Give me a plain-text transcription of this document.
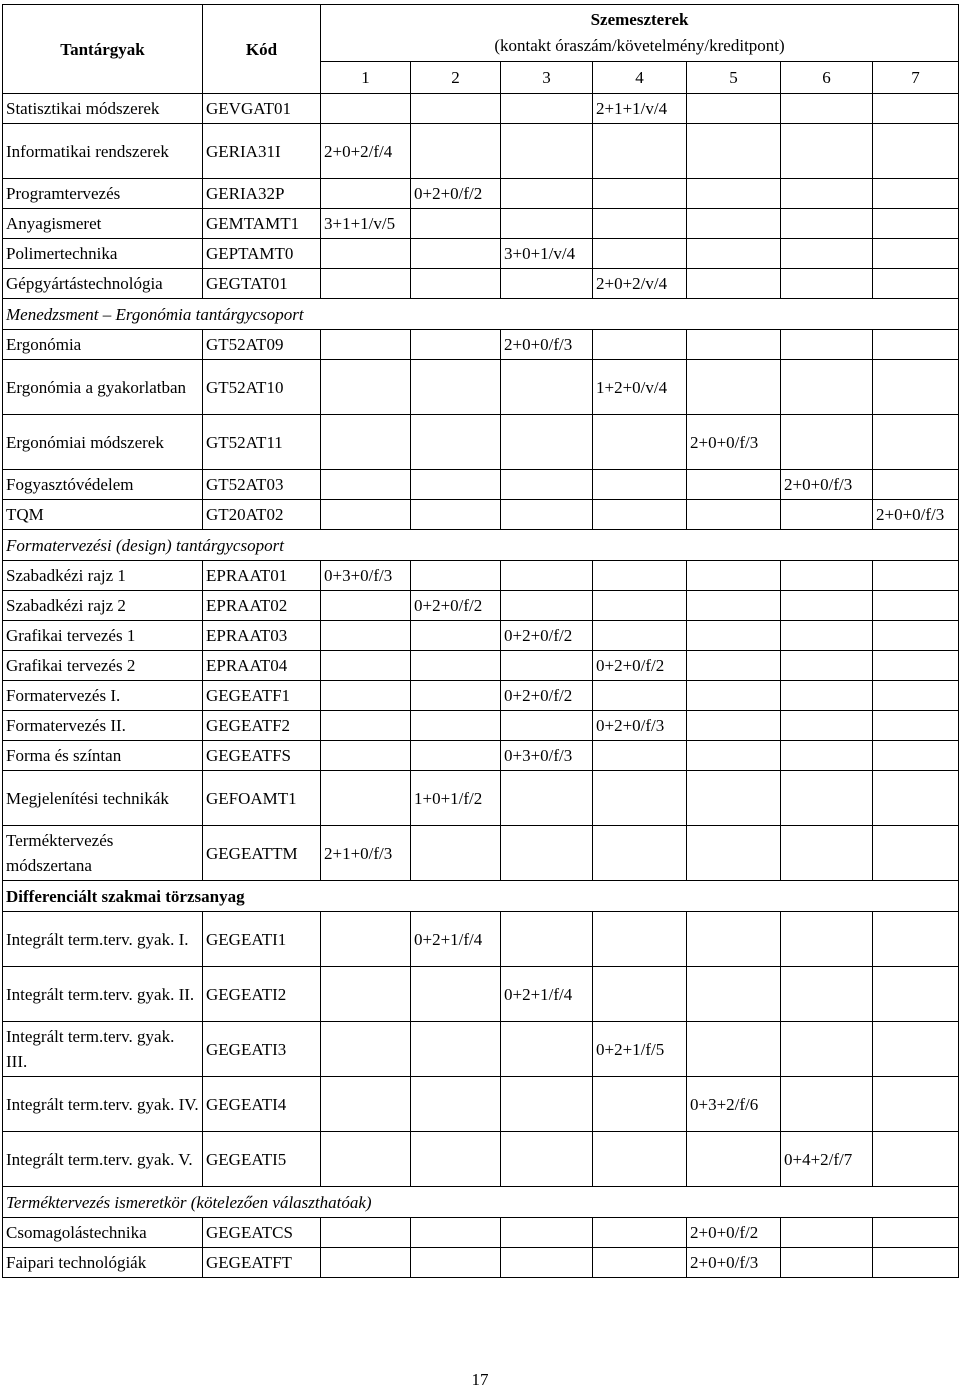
Tantárgyak	Kód	Szemeszterek
(kontakt óraszám/követelmény/kreditpont)						

		1	2	3	4	5	6	7
Statisztikai módszerek	GEVGAT01				2+1+1/v/4			
Informatikai rendszerek	GERIA31I	2+0+2/f/4						
Programtervezés	GERIA32P		0+2+0/f/2					
Anyagismeret	GEMTAMT1	3+1+1/v/5						
Polimertechnika	GEPTAMT0			3+0+1/v/4				
Gépgyártástechnológia	GEGTAT01				2+0+2/v/4			
Menedzsment – Ergonómia tantárgycsoport								
Ergonómia	GT52AT09			2+0+0/f/3				
Ergonómia a gyakorlatban	GT52AT10				1+2+0/v/4			
Ergonómiai módszerek	GT52AT11					2+0+0/f/3		
Fogyasztóvédelem	GT52AT03						2+0+0/f/3	
TQM	GT20AT02							2+0+0/f/3
Formatervezési (design) tantárgycsoport								
Szabadkézi rajz 1	EPRAAT01	0+3+0/f/3						
Szabadkézi rajz 2	EPRAAT02		0+2+0/f/2					
Grafikai tervezés 1	EPRAAT03			0+2+0/f/2				
Grafikai tervezés 2	EPRAAT04				0+2+0/f/2			
Formatervezés I.	GEGEATF1			0+2+0/f/2				
Formatervezés II.	GEGEATF2				0+2+0/f/3			
Forma és színtan	GEGEATFS			0+3+0/f/3				
Megjelenítési technikák	GEFOAMT1		1+0+1/f/2					
Terméktervezés módszertana	GEGEATTM	2+1+0/f/3						
Differenciált szakmai törzsanyag								
Integrált term.terv. gyak. I.	GEGEATI1		0+2+1/f/4					
Integrált term.terv. gyak. II.	GEGEATI2			0+2+1/f/4				
Integrált term.terv. gyak. III.	GEGEATI3				0+2+1/f/5			
Integrált term.terv. gyak. IV.	GEGEATI4					0+3+2/f/6		
Integrált term.terv. gyak. V.	GEGEATI5						0+4+2/f/7	
Terméktervezés ismeretkör (kötelezően választhatóak)								
Csomagolástechnika	GEGEATCS					2+0+0/f/2		
Faipari technológiák	GEGEATFT					2+0+0/f/3		
17
